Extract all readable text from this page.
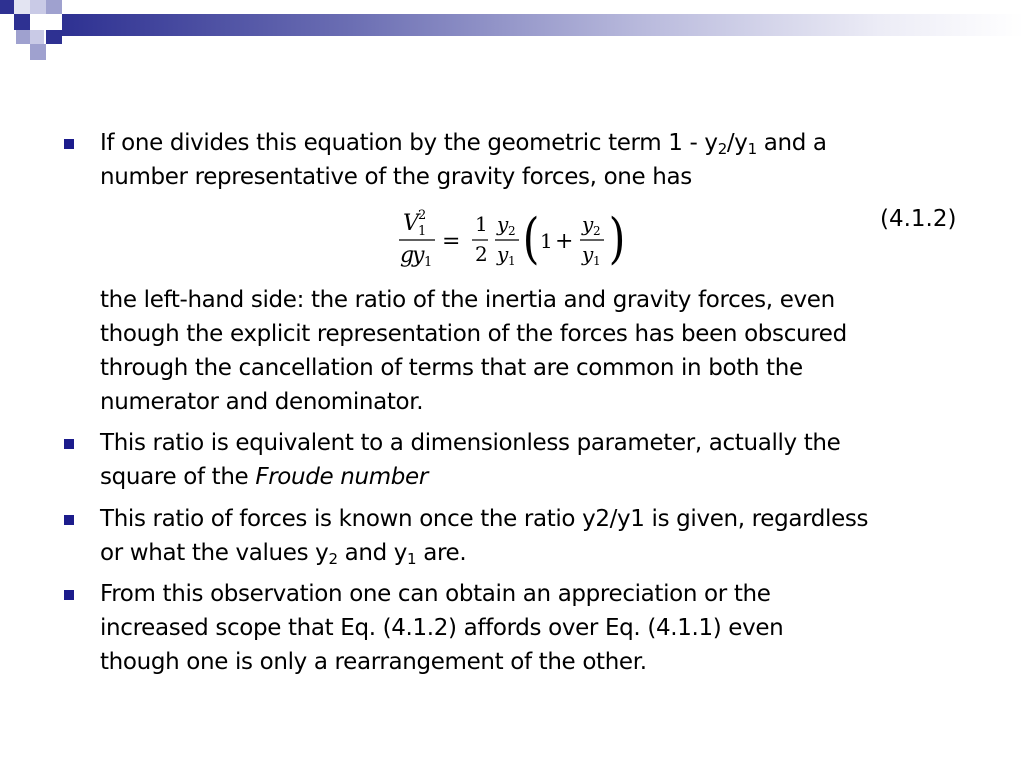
If one divides this equation by the geometric term $1 - y_2/y_1$ and a
number representative of the gravity forces, one has
V 1
2
g
y 1
=
1
2
y 2
y 1 ( 1 +
y 2
y 1 )	(4.1.2)
the left-hand side: the ratio of the inertia and gravity forces, even
though the explicit representation of the forces has been obscured
through the cancellation of terms that are common in both the
numerator and denominator.
This ratio is equivalent to a dimensionless parameter, actually the
square of the Froude number
This ratio of forces is known once the ratio y2/y1 is given, regardless
or what the values $y_2$ and $y_1$ are.
From this observation one can obtain an appreciation or the
increased scope that Eq. (4.1.2) affords over Eq. (4.1.1) even
though one is only a rearrangement of the other.
